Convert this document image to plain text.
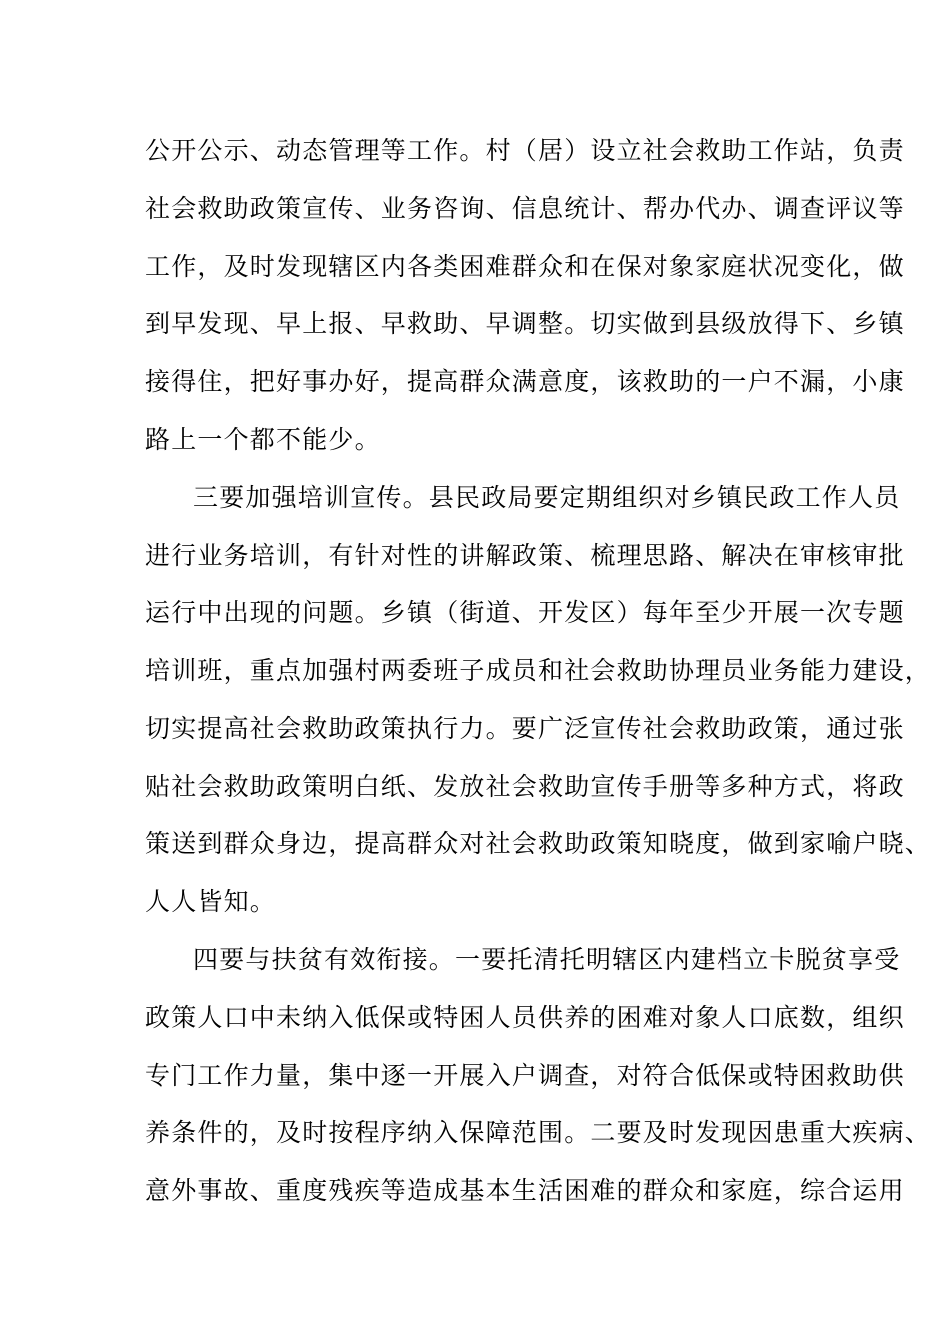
公开公示、动态管理等工作。村（居）设立社会救助工作站，负责
社会救助政策宣传、业务咨询、信息统计、帮办代办、调查评议等
工作，及时发现辖区内各类困难群众和在保对象家庭状况变化，做
到早发现、早上报、早救助、早调整。切实做到县级放得下、乡镇
接得住，把好事办好，提高群众满意度，该救助的一户不漏，小康
路上一个都不能少。
三要加强培训宣传。县民政局要定期组织对乡镇民政工作人员
进行业务培训，有针对性的讲解政策、梳理思路、解决在审核审批
运行中出现的问题。乡镇（街道、开发区）每年至少开展一次专题
培训班，重点加强村两委班子成员和社会救助协理员业务能力建设，
切实提高社会救助政策执行力。要广泛宣传社会救助政策，通过张
贴社会救助政策明白纸、发放社会救助宣传手册等多种方式，将政
策送到群众身边，提高群众对社会救助政策知晓度，做到家喻户晓、
人人皆知。
四要与扶贫有效衔接。一要托清托明辖区内建档立卡脱贫享受
政策人口中未纳入低保或特困人员供养的困难对象人口底数，组织
专门工作力量，集中逐一开展入户调查，对符合低保或特困救助供
养条件的，及时按程序纳入保障范围。二要及时发现因患重大疾病、
意外事故、重度残疾等造成基本生活困难的群众和家庭，综合运用
